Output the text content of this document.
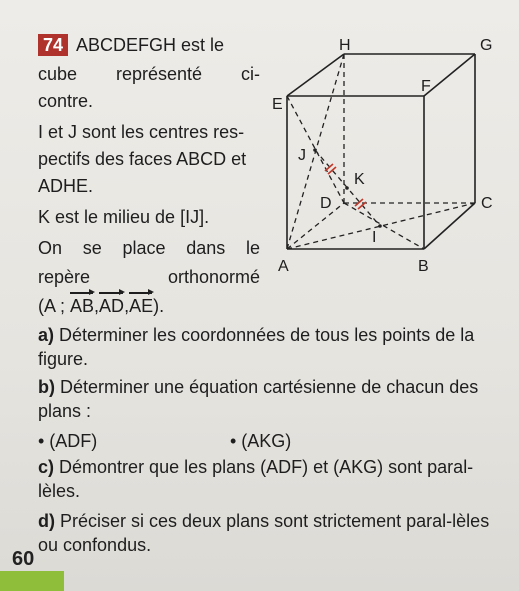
74 ABCDEFGH est le
cube représenté ci-
contre.
I et J sont les centres res-
pectifs des faces ABCD et
ADHE.
K est le milieu de [IJ].
On se place dans le
repère	orthonormé
(A ; AB,AD,AE).
a) Déterminer les coordonnées de tous les points de la figure.
b) Déterminer une équation cartésienne de chacun des plans :
• (ADF)	• (AKG)
c) Démontrer que les plans (ADF) et (AKG) sont paral-lèles.
d) Préciser si ces deux plans sont strictement paral-lèles ou confondus.
A	B
C
D
E
F
G
H
I
J
K
60
